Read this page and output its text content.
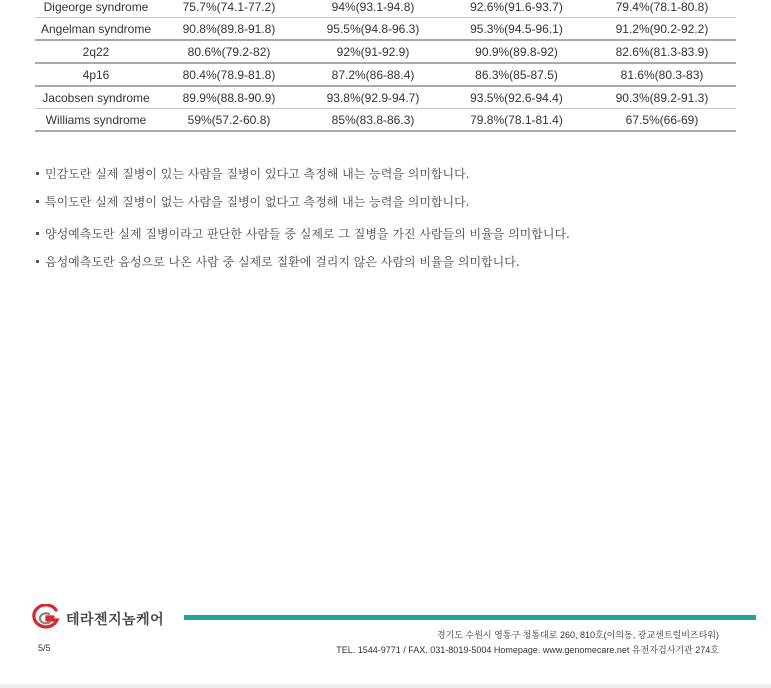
Digeorge syndrome	75.7%(74.1-77.2)	94%(93.1-94.8)	92.6%(91.6-93.7)	79.4%(78.1-80.8)
Angelman syndrome	90.8%(89.8-91.8)	95.5%(94.8-96.3)	95.3%(94.5-96.1)	91.2%(90.2-92.2)
2q22	80.6%(79.2-82)	92%(91-92.9)	90.9%(89.8-92)	82.6%(81.3-83.9)
4p16	80.4%(78.9-81.8)	87.2%(86-88.4)	86.3%(85-87.5)	81.6%(80.3-83)
Jacobsen syndrome	89.9%(88.8-90.9)	93.8%(92.9-94.7)	93.5%(92.6-94.4)	90.3%(89.2-91.3)
Williams syndrome	59%(57.2-60.8)	85%(83.8-86.3)	79.8%(78.1-81.4)	67.5%(66-69)
민감도란 실제 질병이 있는 사람을 질병이 있다고 측정해 내는 능력을 의미합니다.
특이도란 실제 질병이 없는 사람을 질병이 없다고 측정해 내는 능력을 의미합니다.
양성예측도란 실제 질병이라고 판단한 사람들 중 실제로 그 질병을 가진 사람들의 비율을 의미합니다.
음성예측도란 음성으로 나온 사람 중 실제로 질환에 걸리지 않은 사람의 비율을 의미합니다.
테라젠지놈케어
5/5
경기도 수원시 영통구 청통대로 260, 810호(이의동, 광교센트럴비즈타워)
TEL. 1544-9771 / FAX. 031-8019-5004 Homepage. www.genomecare.net 유전자검사기관 274호
